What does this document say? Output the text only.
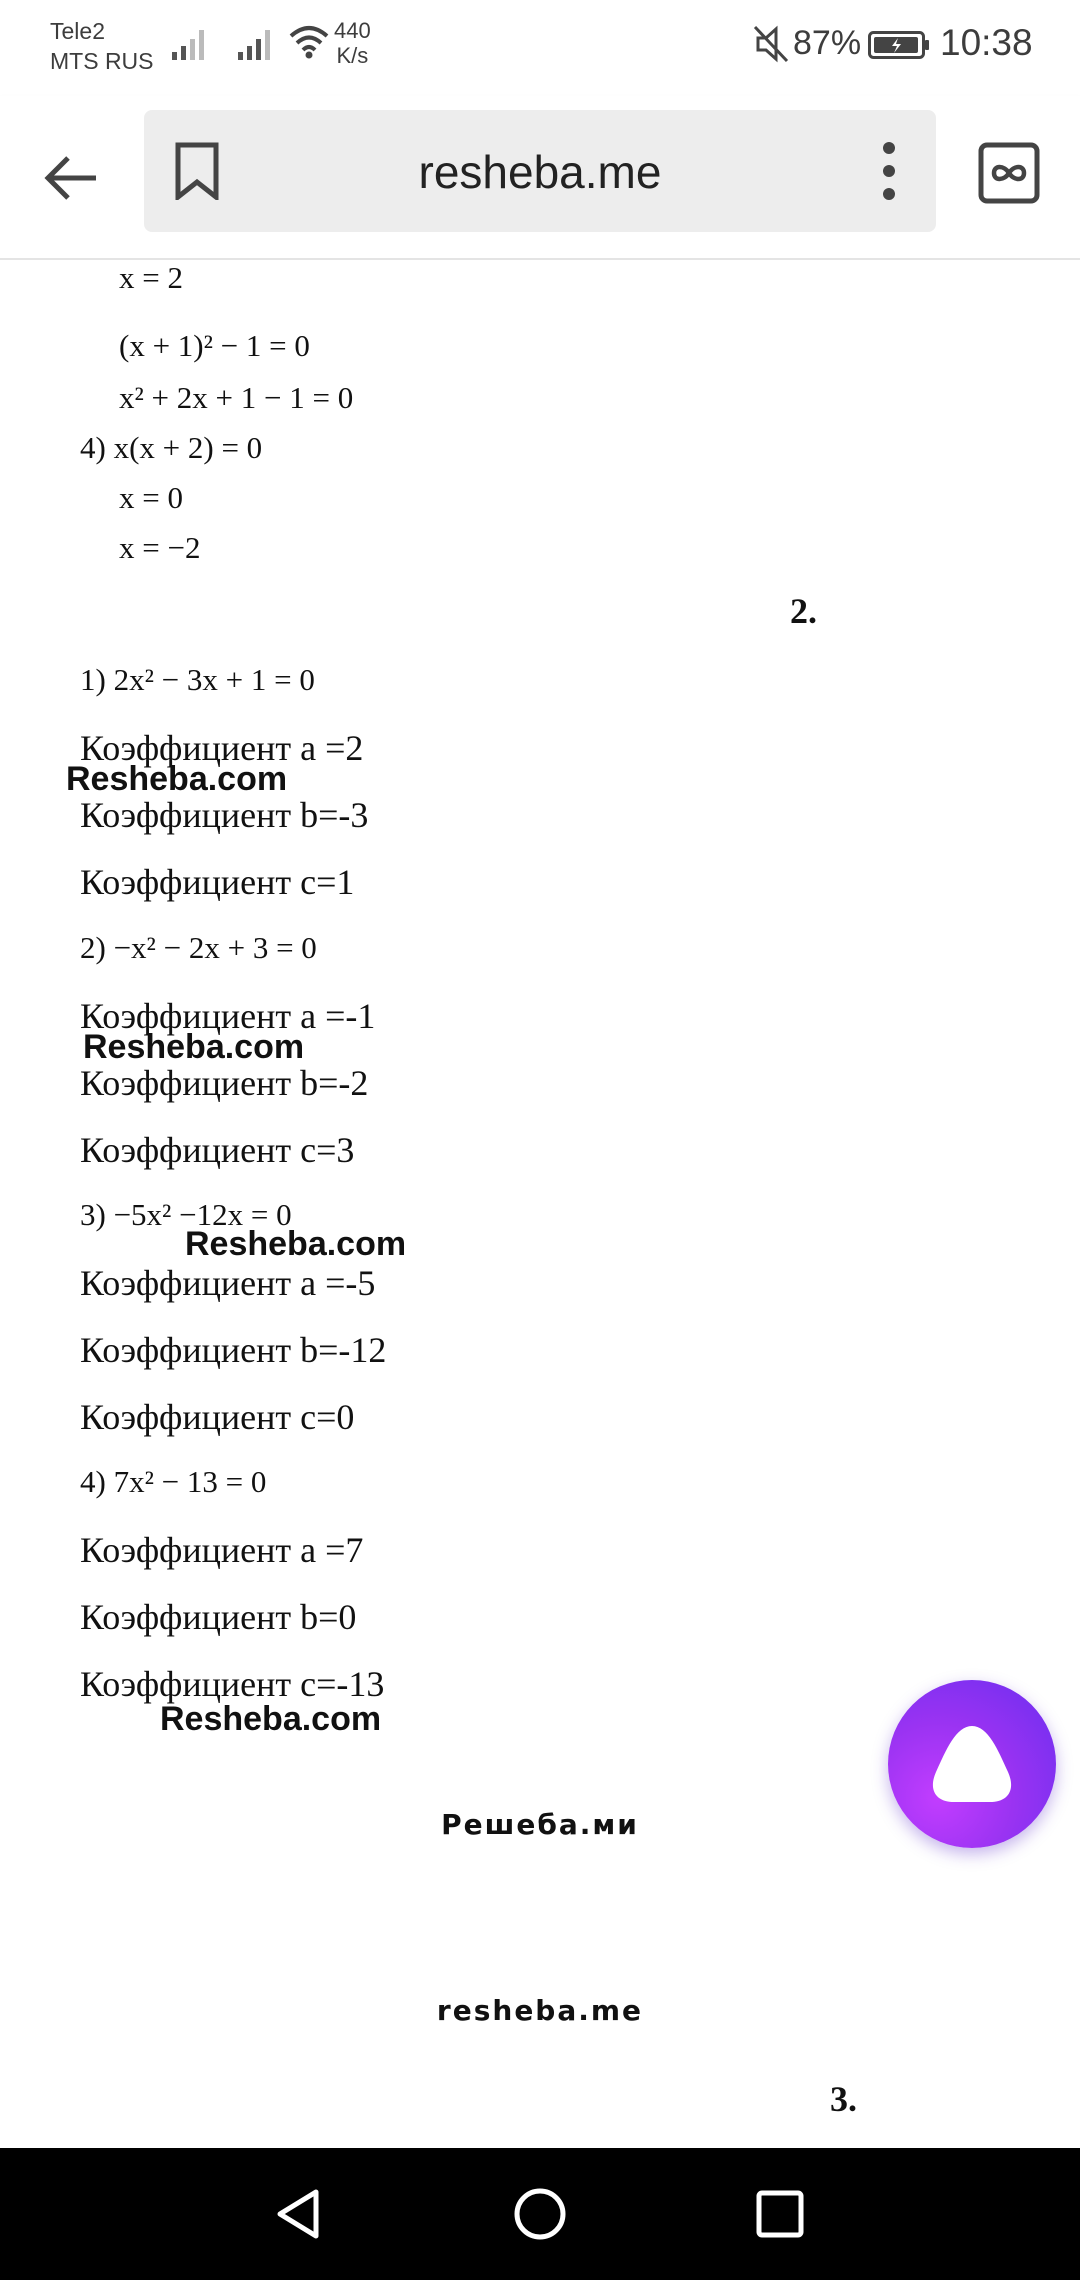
Tele2
MTS RUS
440
K/s	87% 10:38
resheba.me
x = 2
(x + 1)² − 1 = 0
x² + 2x + 1 − 1 = 0
4) x(x + 2) = 0
x = 0
x = −2
2.
1) 2x² − 3x + 1 = 0
Коэффициент a =2
Resheba.com
Коэффициент b=-3
Коэффициент с=1
2) −x² − 2x + 3 = 0
Коэффициент a =-1
Resheba.com
Коэффициент b=-2
Коэффициент с=3
3) −5x² −12x = 0
Resheba.com
Коэффициент a =-5
Коэффициент b=-12
Коэффициент с=0
4) 7x² − 13 = 0
Коэффициент a =7
Коэффициент b=0
Коэффициент с=-13
Resheba.com
Решеба.ми
resheba.me
3.
